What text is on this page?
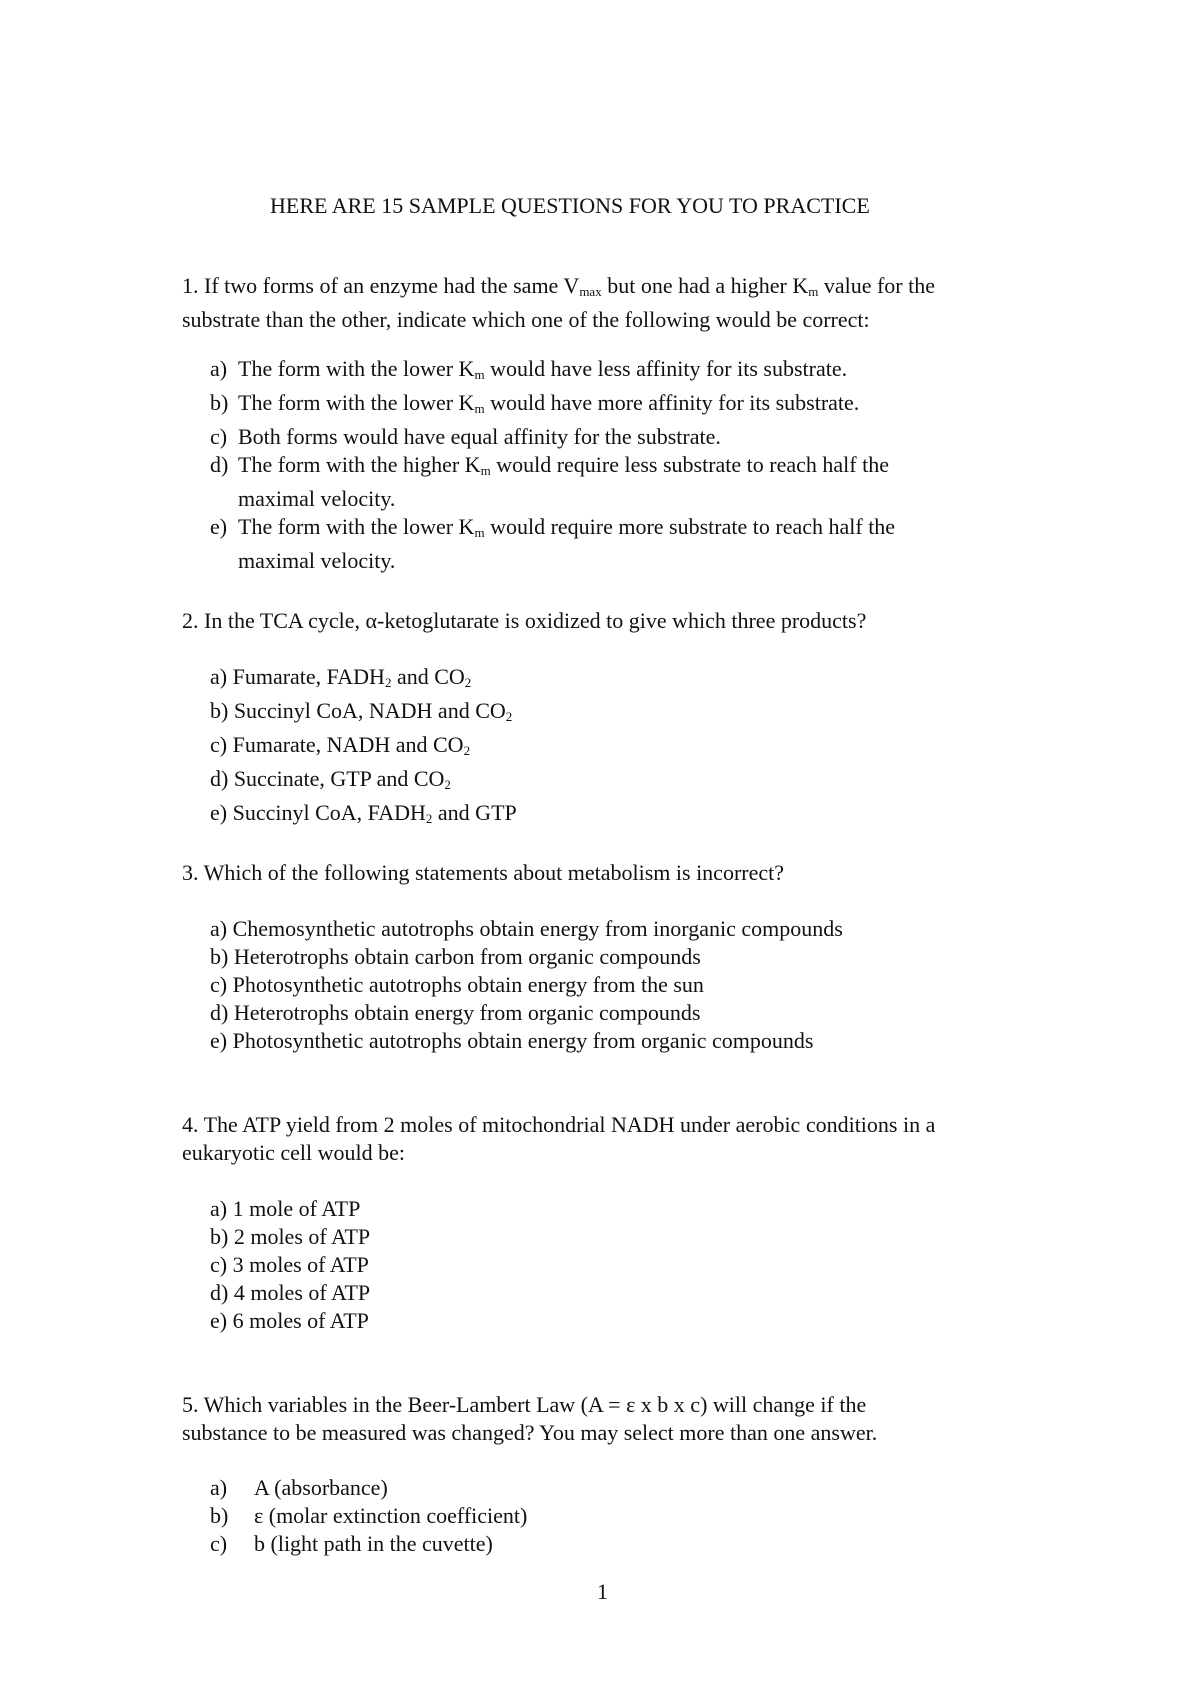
HERE ARE 15 SAMPLE QUESTIONS FOR YOU TO PRACTICE
1. If two forms of an enzyme had the same $V_{max}$ but one had a higher $K_m$ value for the
substrate than the other, indicate which one of the following would be correct:
a) The form with the lower $K_m$ would have less affinity for its substrate.
b) The form with the lower $K_m$ would have more affinity for its substrate.
c) Both forms would have equal affinity for the substrate.
d) The form with the higher $K_m$ would require less substrate to reach half the
maximal velocity.
e) The form with the lower $K_m$ would require more substrate to reach half the
maximal velocity.
2. In the TCA cycle, α-ketoglutarate is oxidized to give which three products?
a) Fumarate, $FADH_2$ and $CO_2$
b) Succinyl CoA, NADH and $CO_2$
c) Fumarate, NADH and $CO_2$
d) Succinate, GTP and $CO_2$
e) Succinyl CoA, $FADH_2$ and GTP
3. Which of the following statements about metabolism is incorrect?
a) Chemosynthetic autotrophs obtain energy from inorganic compounds
b) Heterotrophs obtain carbon from organic compounds
c) Photosynthetic autotrophs obtain energy from the sun
d) Heterotrophs obtain energy from organic compounds
e) Photosynthetic autotrophs obtain energy from organic compounds
4. The ATP yield from 2 moles of mitochondrial NADH under aerobic conditions in a
eukaryotic cell would be:
a) 1 mole of ATP
b) 2 moles of ATP
c) 3 moles of ATP
d) 4 moles of ATP
e) 6 moles of ATP
5. Which variables in the Beer-Lambert Law (A = ε x b x c) will change if the
substance to be measured was changed? You may select more than one answer.
a) A (absorbance)
b) ε (molar extinction coefficient)
c) b (light path in the cuvette)
1
